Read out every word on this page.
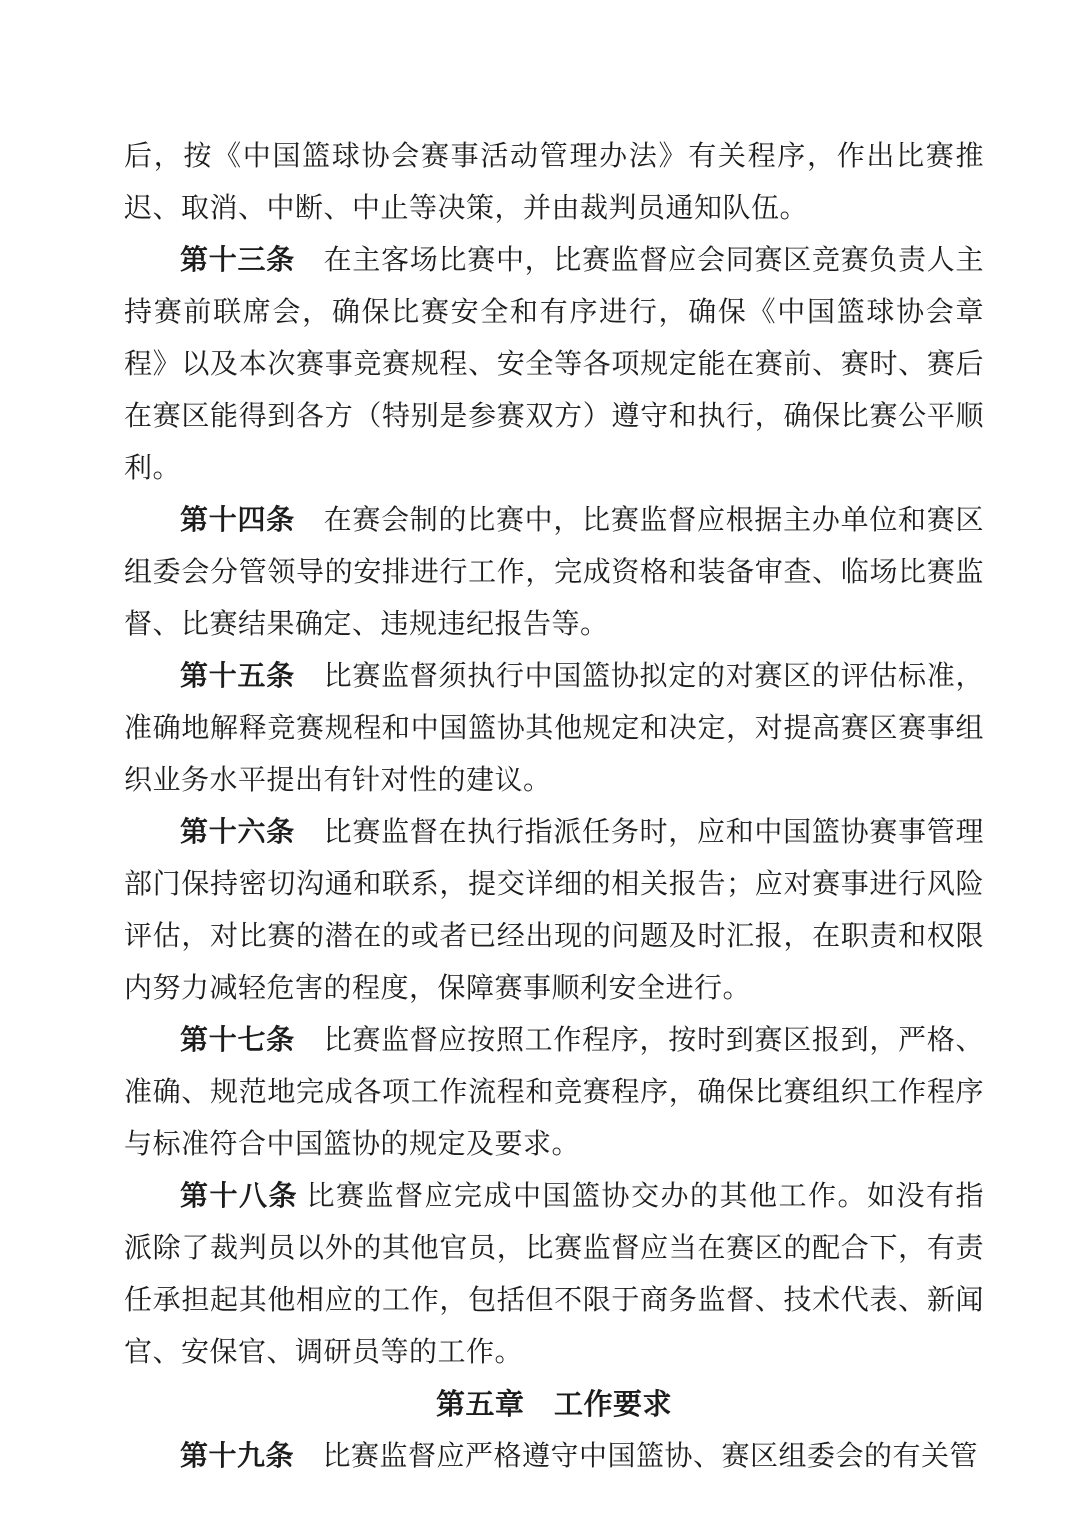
后，按《中国篮球协会赛事活动管理办法》有关程序，作出比赛推迟、取消、中断、中止等决策，并由裁判员通知队伍。

第十三条　 在主客场比赛中，比赛监督应会同赛区竞赛负责人主持赛前联席会，确保比赛安全和有序进行，确保《中国篮球协会章程》以及本次赛事竞赛规程、安全等各项规定能在赛前、赛时、赛后在赛区能得到各方（特别是参赛双方）遵守和执行，确保比赛公平顺利。

第十四条　 在赛会制的比赛中，比赛监督应根据主办单位和赛区组委会分管领导的安排进行工作，完成资格和装备审查、临场比赛监督、比赛结果确定、违规违纪报告等。

第十五条　 比赛监督须执行中国篮协拟定的对赛区的评估标准，准确地解释竞赛规程和中国篮协其他规定和决定，对提高赛区赛事组织业务水平提出有针对性的建议。

第十六条　 比赛监督在执行指派任务时，应和中国篮协赛事管理部门保持密切沟通和联系，提交详细的相关报告；应对赛事进行风险评估，对比赛的潜在的或者已经出现的问题及时汇报，在职责和权限内努力减轻危害的程度，保障赛事顺利安全进行。

第十七条　 比赛监督应按照工作程序，按时到赛区报到，严格、准确、规范地完成各项工作流程和竞赛程序，确保比赛组织工作程序与标准符合中国篮协的规定及要求。

第十八条 比赛监督应完成中国篮协交办的其他工作。如没有指派除了裁判员以外的其他官员，比赛监督应当在赛区的配合下，有责任承担起其他相应的工作，包括但不限于商务监督、技术代表、新闻官、安保官、调研员等的工作。

第五章　工作要求

第十九条　 比赛监督应严格遵守中国篮协、赛区组委会的有关管
